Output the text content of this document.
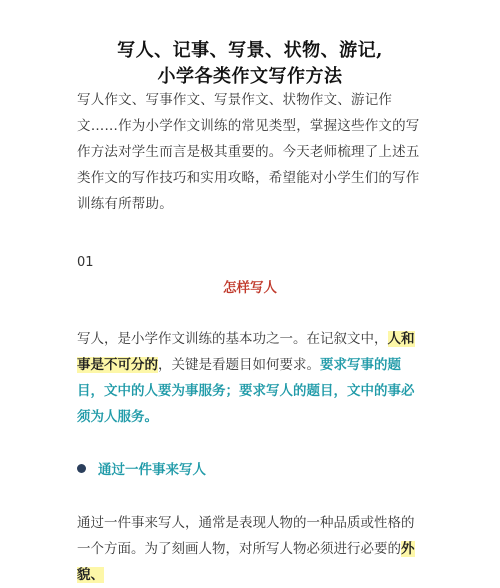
写人、记事、写景、状物、游记,
小学各类作文写作方法
写人作文、写事作文、写景作文、状物作文、游记作文……作为小学作文训练的常见类型，掌握这些作文的写作方法对学生而言是极其重要的。今天老师梳理了上述五类作文的写作技巧和实用攻略，希望能对小学生们的写作训练有所帮助。
01
怎样写人
写人，是小学作文训练的基本功之一。在记叙文中，人和事是不可分的，关键是看题目如何要求。要求写事的题目，文中的人要为事服务；要求写人的题目，文中的事必须为人服务。
通过一件事来写人
通过一件事来写人，通常是表现人物的一种品质或性格的一个方面。为了刻画人物，对所写人物必须进行必要的外貌、
